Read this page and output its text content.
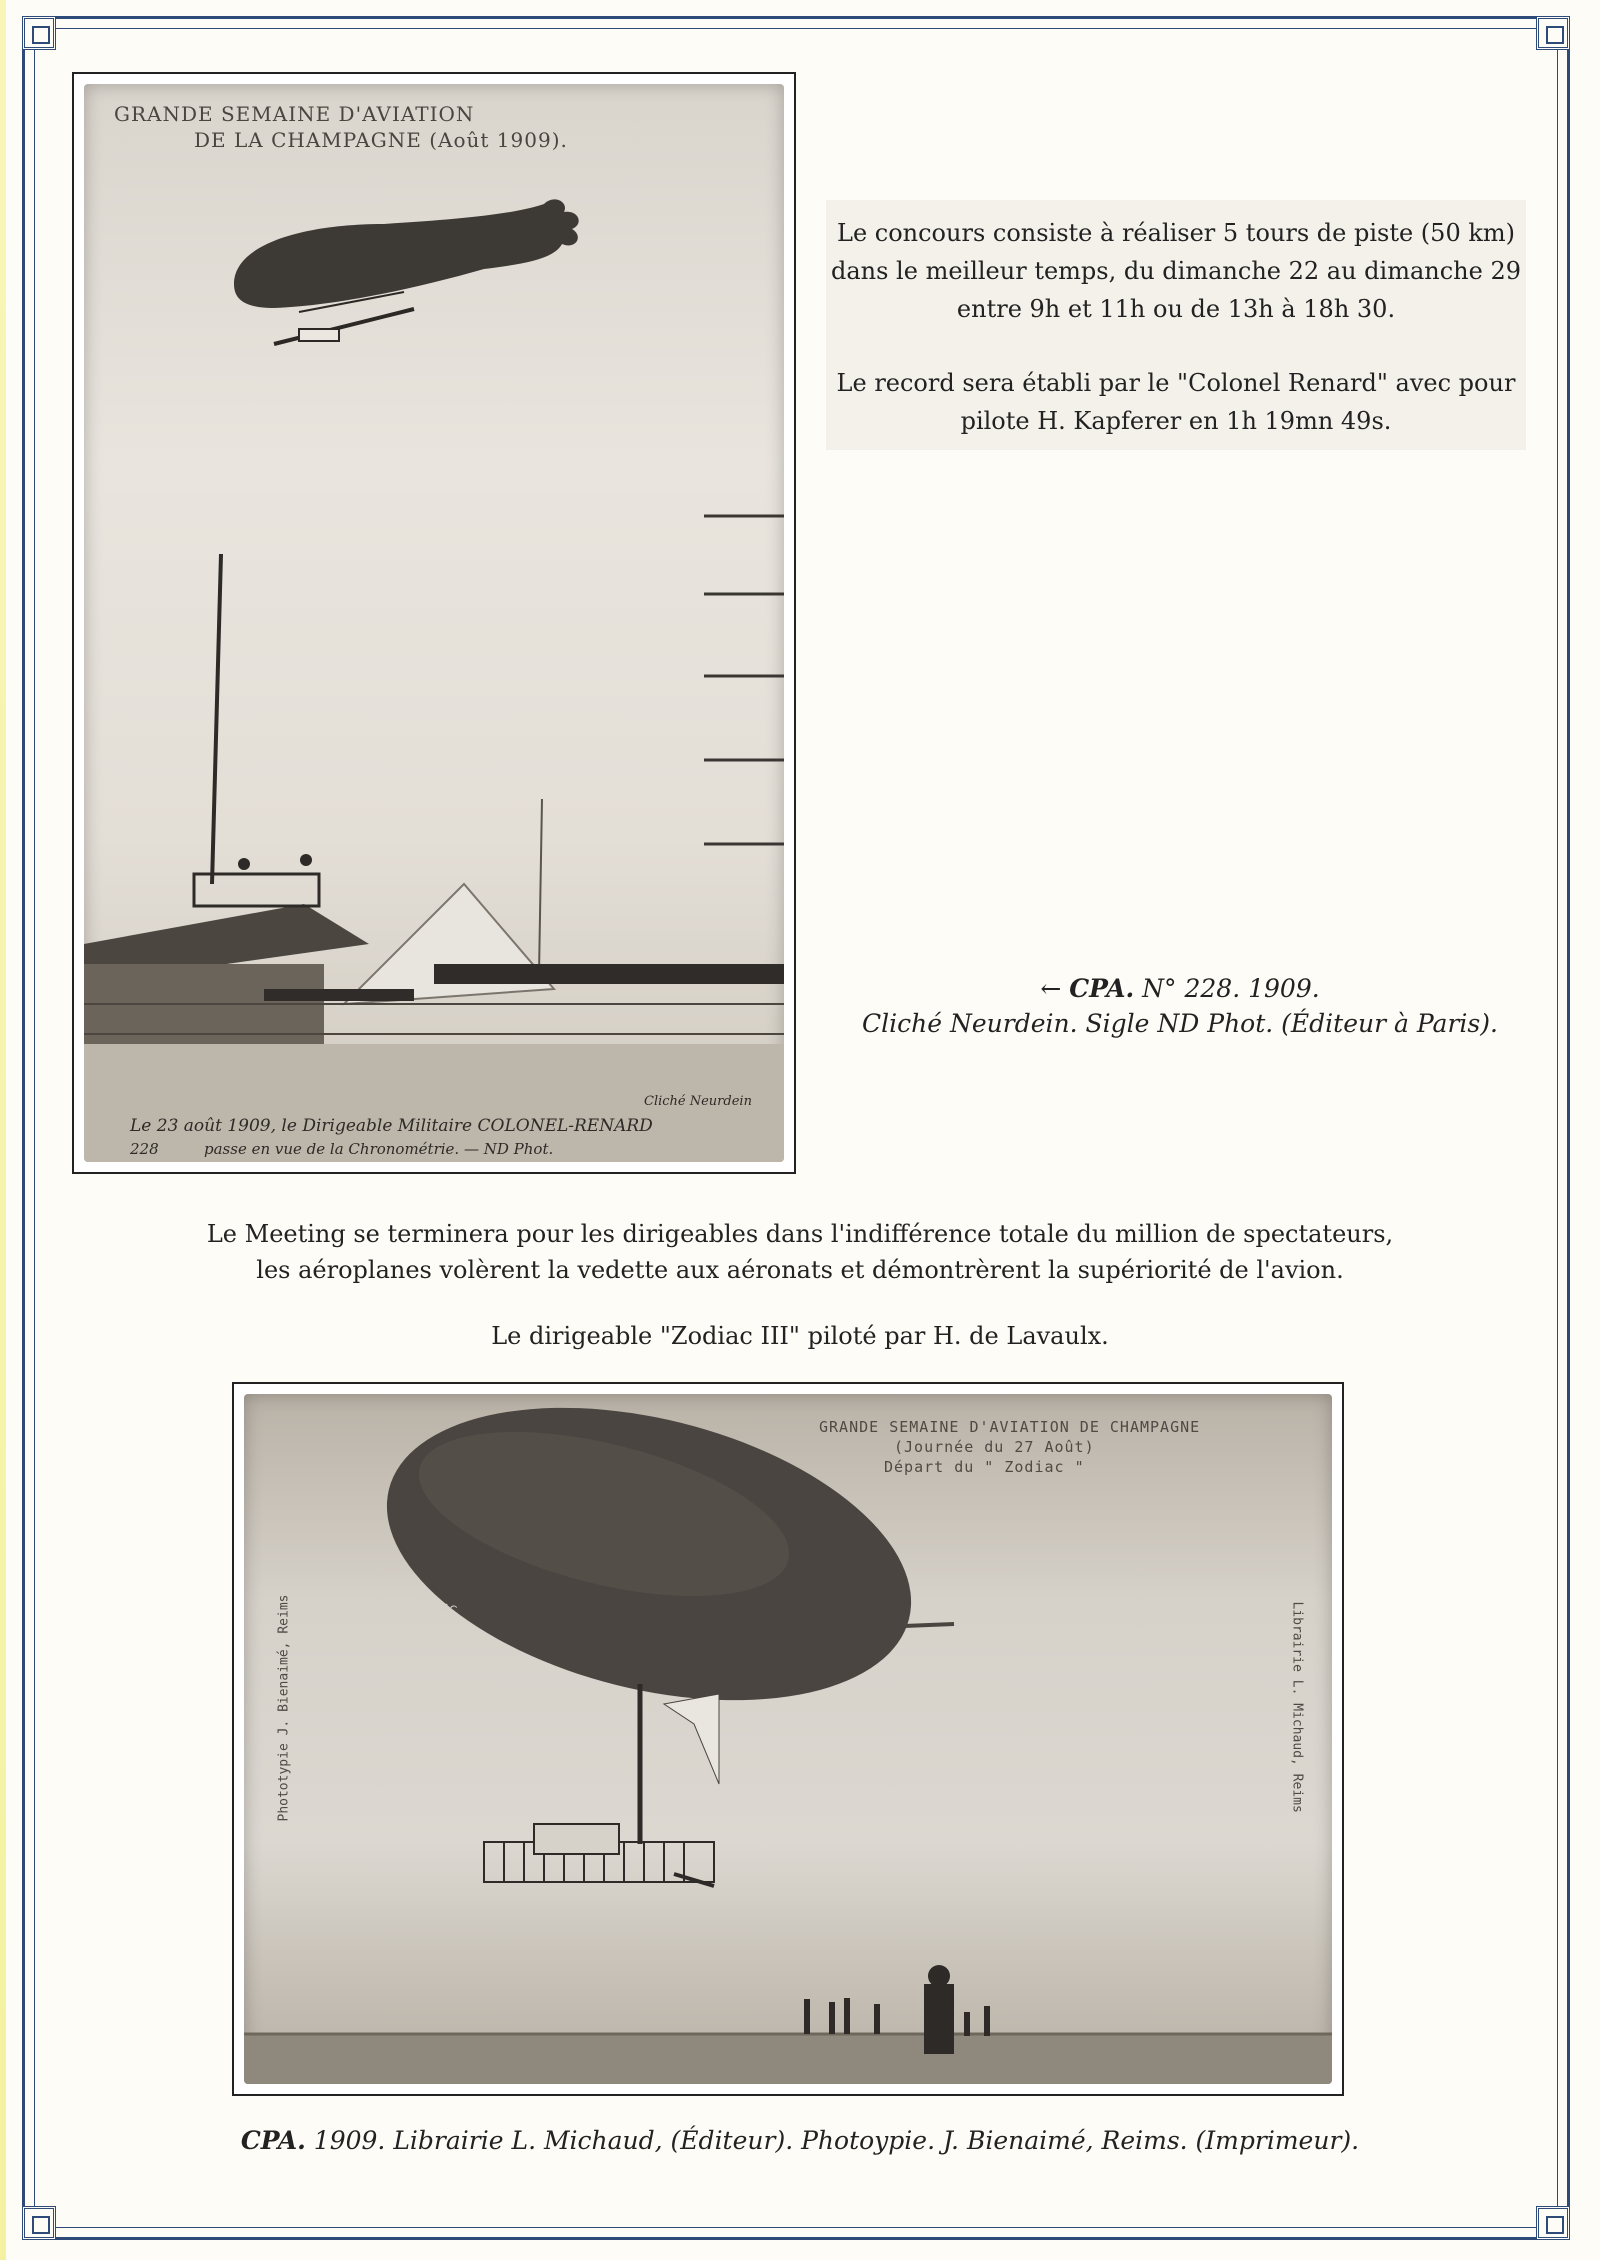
GRANDE SEMAINE D'AVIATION
DE LA CHAMPAGNE (Août 1909).
Cliché Neurdein
Le 23 août 1909, le Dirigeable Militaire COLONEL-RENARD
228	passe en vue de la Chronométrie. — ND Phot.
Le concours consiste à réaliser 5 tours de piste (50 km)
dans le meilleur temps, du dimanche 22 au dimanche 29
entre 9h et 11h ou de 13h à 18h 30.
Le record sera établi par le "Colonel Renard" avec pour
pilote H. Kapferer en 1h 19mn 49s.
← CPA. N° 228. 1909.
Cliché Neurdein. Sigle ND Phot. (Éditeur à Paris).
Le Meeting se terminera pour les dirigeables dans l'indifférence totale du million de spectateurs,
les aéroplanes volèrent la vedette aux aéronats et démontrèrent la supériorité de l'avion.
Le dirigeable "Zodiac III" piloté par H. de Lavaulx.
ZODIAC
GRANDE SEMAINE D'AVIATION DE CHAMPAGNE
(Journée du 27 Août)
Départ du " Zodiac "
Phototypie J. Bienaimé, Reims	Librairie L. Michaud, Reims
CPA. 1909. Librairie L. Michaud, (Éditeur). Photoypie. J. Bienaimé, Reims. (Imprimeur).
